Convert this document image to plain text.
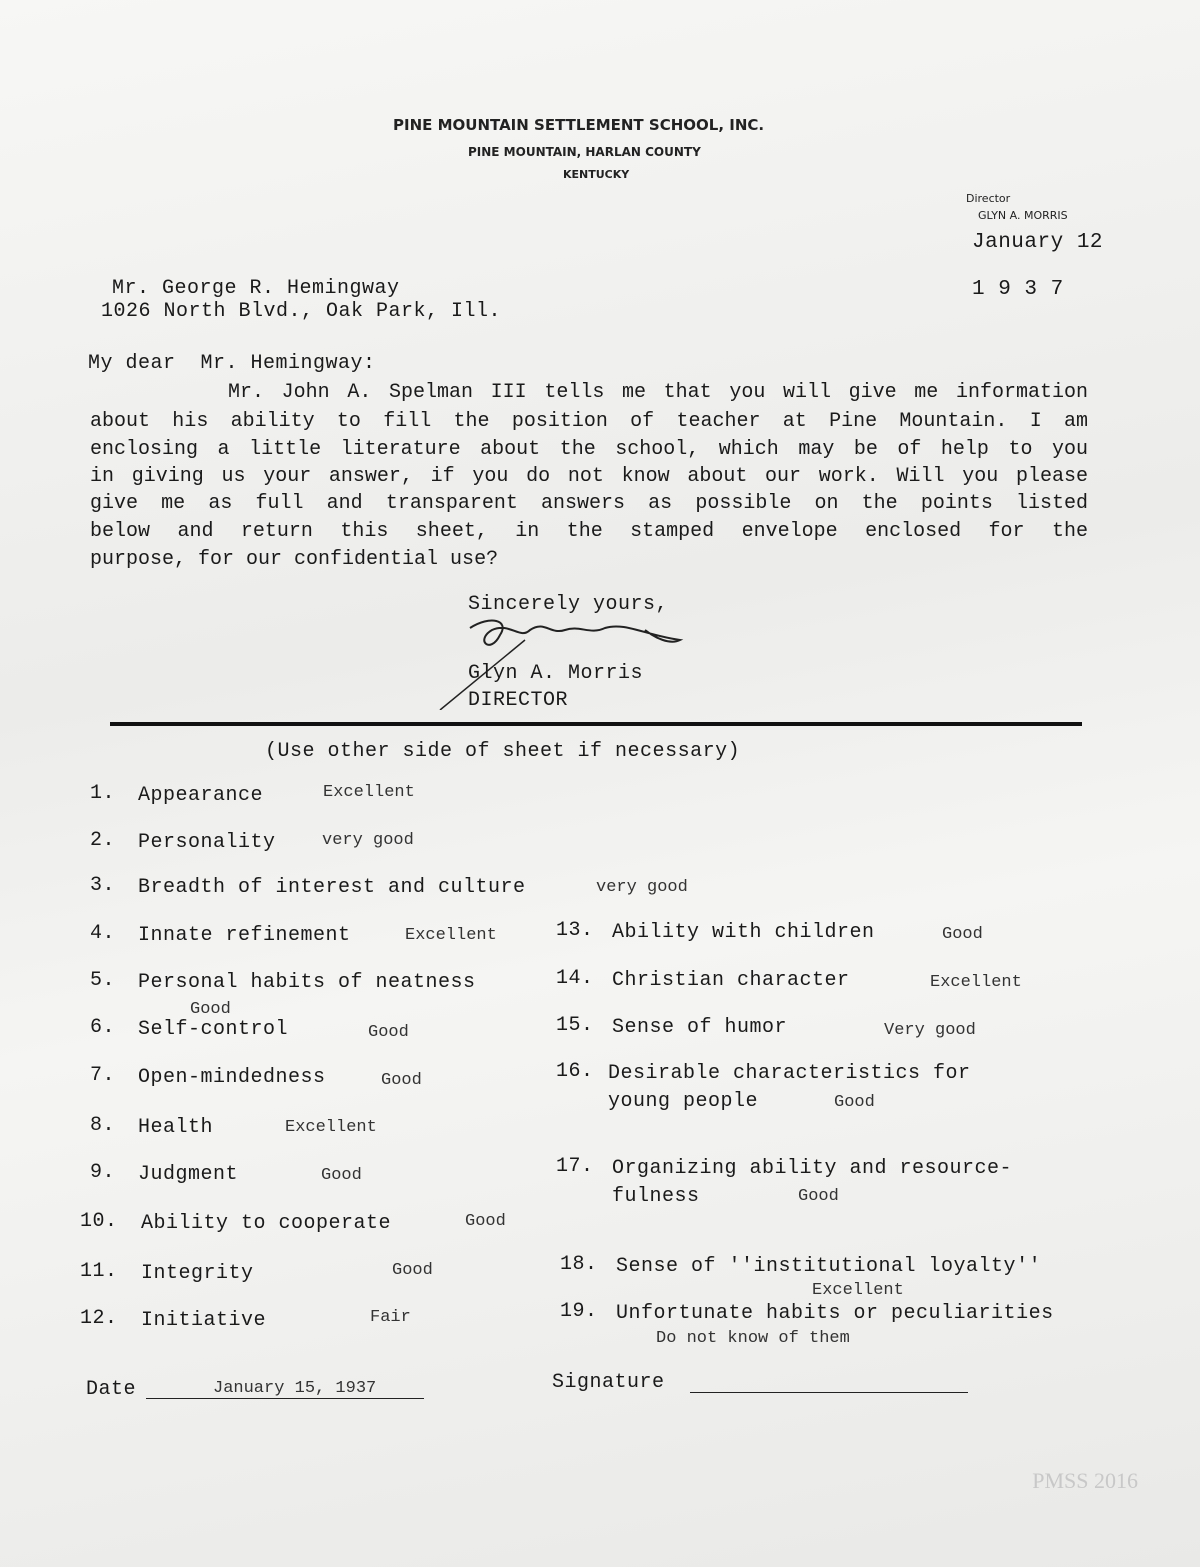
PINE MOUNTAIN SETTLEMENT SCHOOL, INC.
PINE MOUNTAIN, HARLAN COUNTY
KENTUCKY
Director
GLYN A. MORRIS
January 12
1 9 3 7
Mr. George R. Hemingway
1026 North Blvd., Oak Park, Ill.
My dear  Mr. Hemingway:
Mr. John A. Spelman III tells me that you will give me information
about his ability to fill the position of teacher at Pine Mountain. I am
enclosing a little literature about the school, which may be of help to you
in giving us your answer, if you do not know about our work. Will you please
give me as full and transparent answers as possible on the points listed
below and return this sheet, in the stamped envelope enclosed for the
purpose, for our confidential use?
Sincerely yours,
Glyn A. Morris
DIRECTOR
(Use other side of sheet if necessary)
1. Appearance	Excellent
2. Personality	very good
3. Breadth of interest and culture	very good
4. Innate refinement	Excellent
5. Personal habits of neatness
Good
6. Self-control	Good
7. Open-mindedness	Good
8. Health	Excellent
9. Judgment	Good
10. Ability to cooperate	Good
11. Integrity	Good
12. Initiative	Fair
13. Ability with children	Good
14. Christian character	Excellent
15. Sense of humor	Very good
16. Desirable characteristics for
young people	Good
17. Organizing ability and resource-
fulness	Good
18. Sense of ''institutional loyalty''
Excellent
19. Unfortunate habits or peculiarities
Do not know of them
Date	January 15, 1937	Signature
PMSS 2016
